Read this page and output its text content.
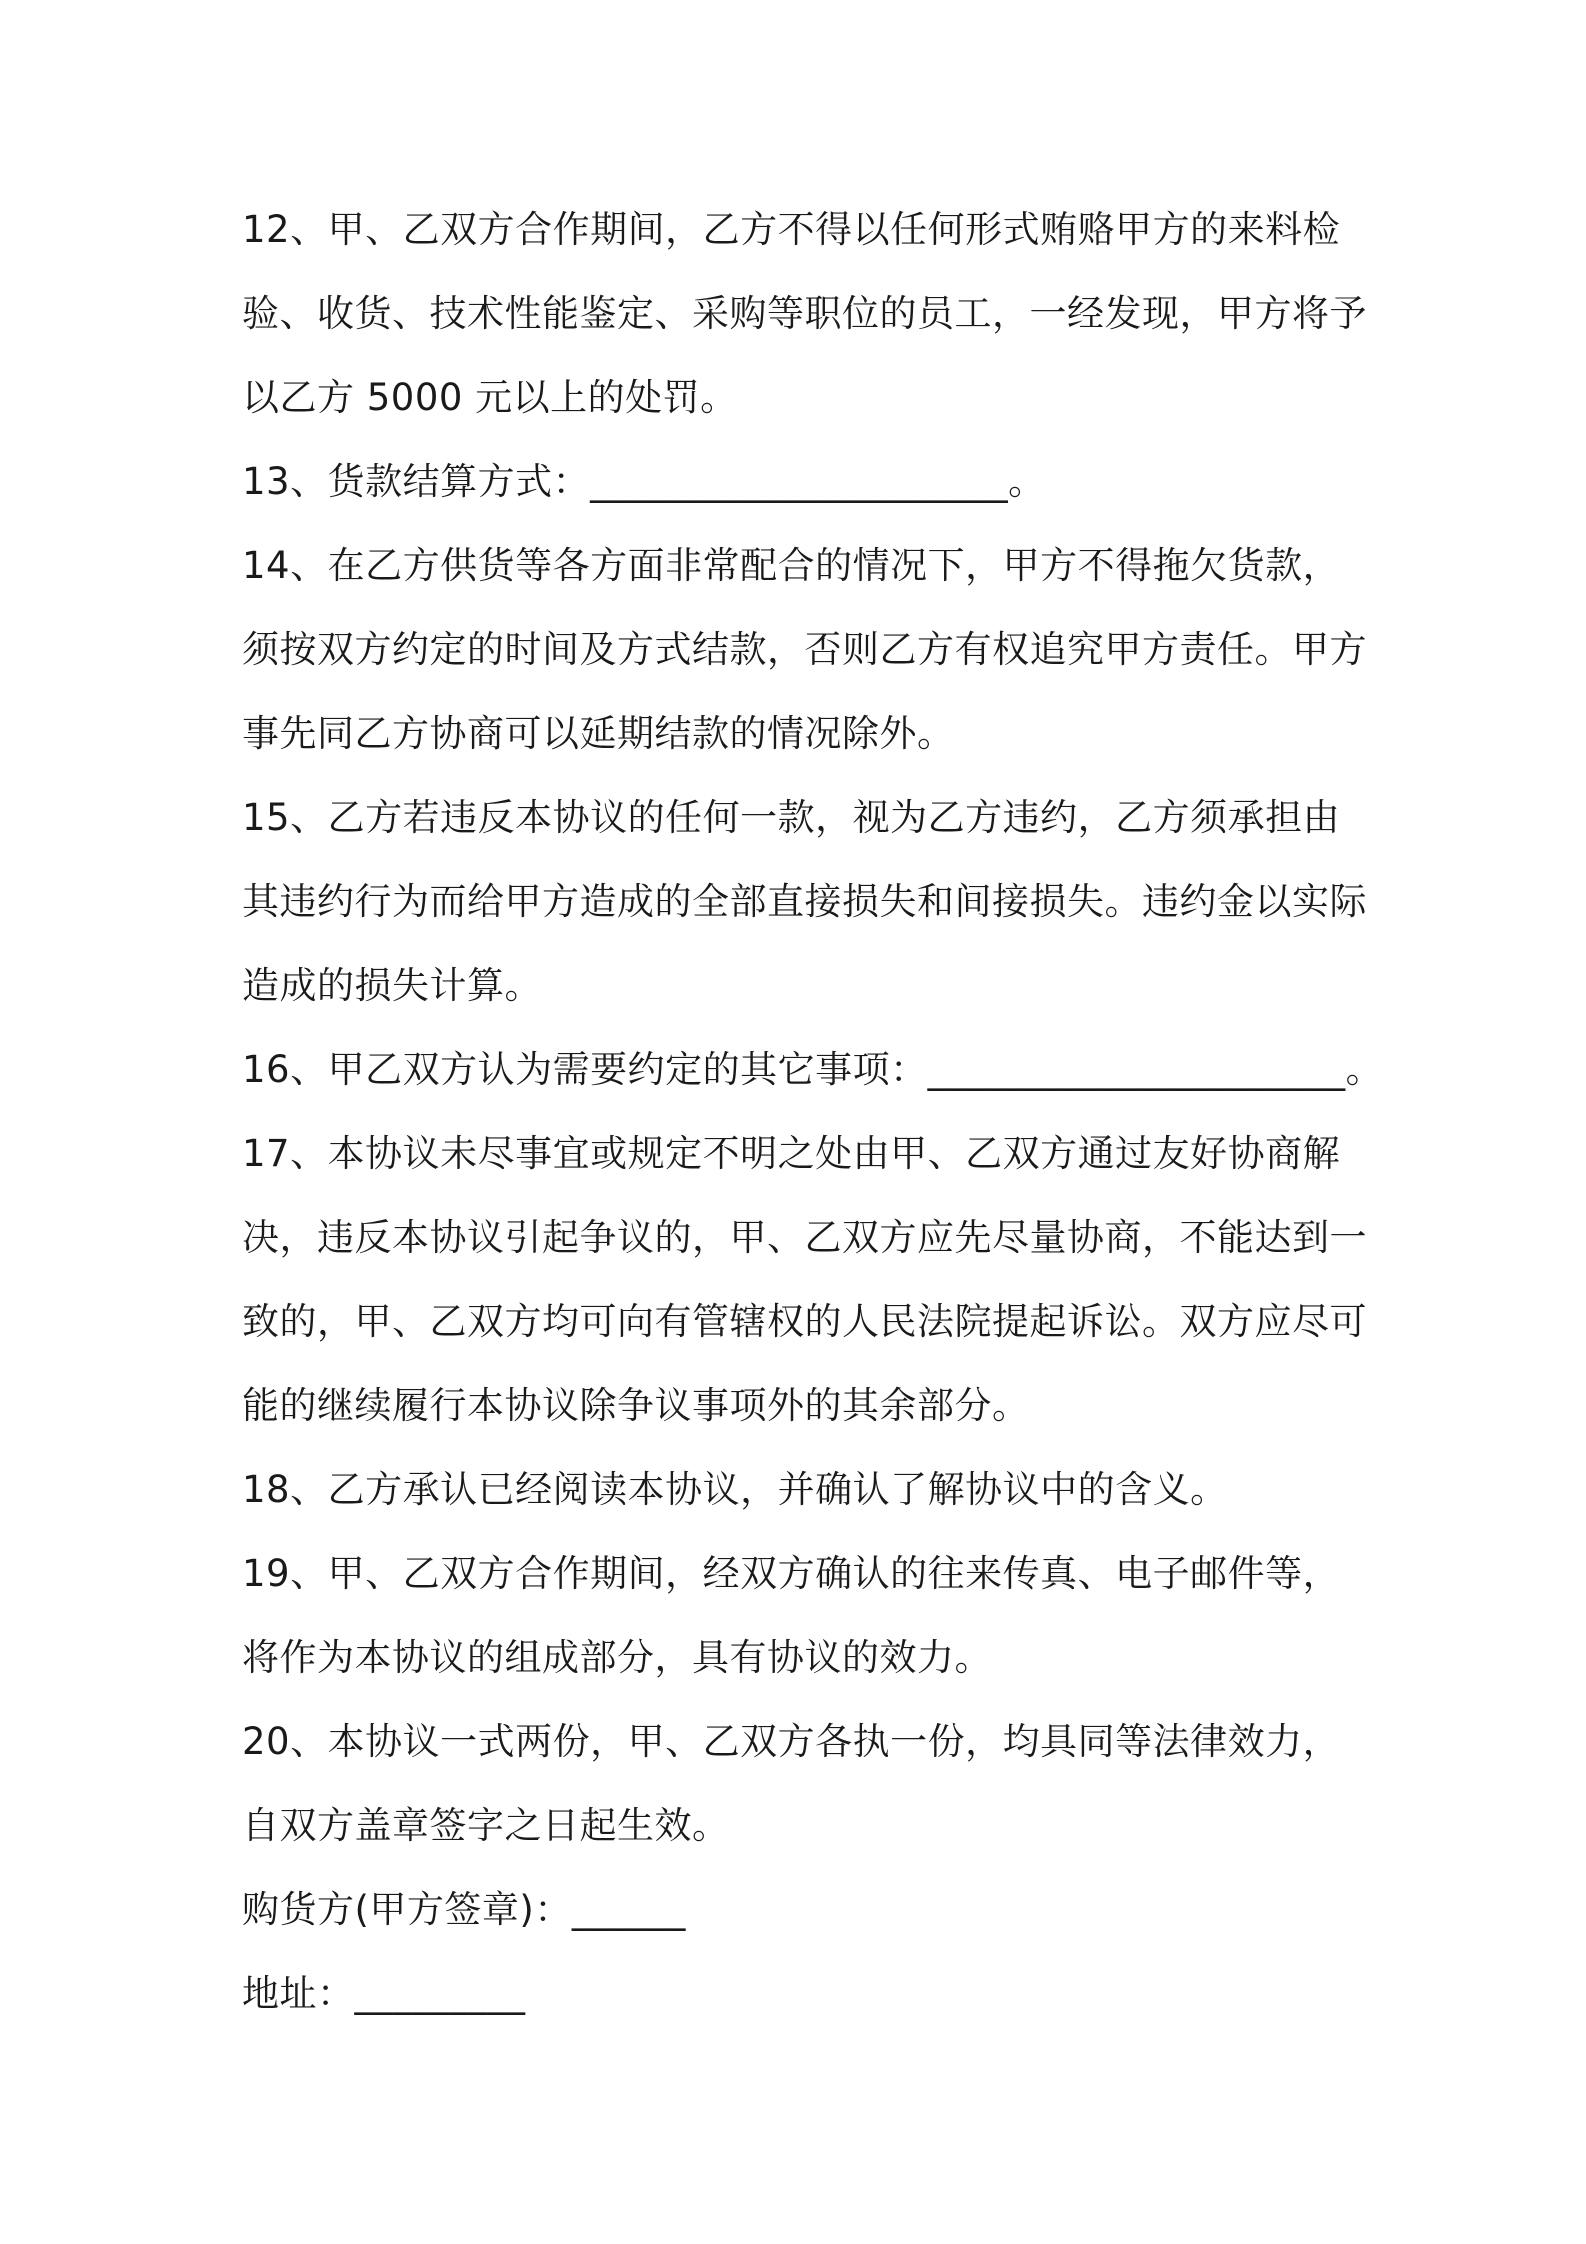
12、甲、乙双方合作期间，乙方不得以任何形式贿赂甲方的来料检
验、收货、技术性能鉴定、采购等职位的员工，一经发现，甲方将予
以乙方 5000 元以上的处罚。
13、货款结算方式：______________________。
14、在乙方供货等各方面非常配合的情况下，甲方不得拖欠货款，
须按双方约定的时间及方式结款，否则乙方有权追究甲方责任。甲方
事先同乙方协商可以延期结款的情况除外。
15、乙方若违反本协议的任何一款，视为乙方违约，乙方须承担由
其违约行为而给甲方造成的全部直接损失和间接损失。违约金以实际
造成的损失计算。
16、甲乙双方认为需要约定的其它事项：______________________。
17、本协议未尽事宜或规定不明之处由甲、乙双方通过友好协商解
决，违反本协议引起争议的，甲、乙双方应先尽量协商，不能达到一
致的，甲、乙双方均可向有管辖权的人民法院提起诉讼。双方应尽可
能的继续履行本协议除争议事项外的其余部分。
18、乙方承认已经阅读本协议，并确认了解协议中的含义。
19、甲、乙双方合作期间，经双方确认的往来传真、电子邮件等，
将作为本协议的组成部分，具有协议的效力。
20、本协议一式两份，甲、乙双方各执一份，均具同等法律效力，
自双方盖章签字之日起生效。
购货方(甲方签章)：______
地址：_________
